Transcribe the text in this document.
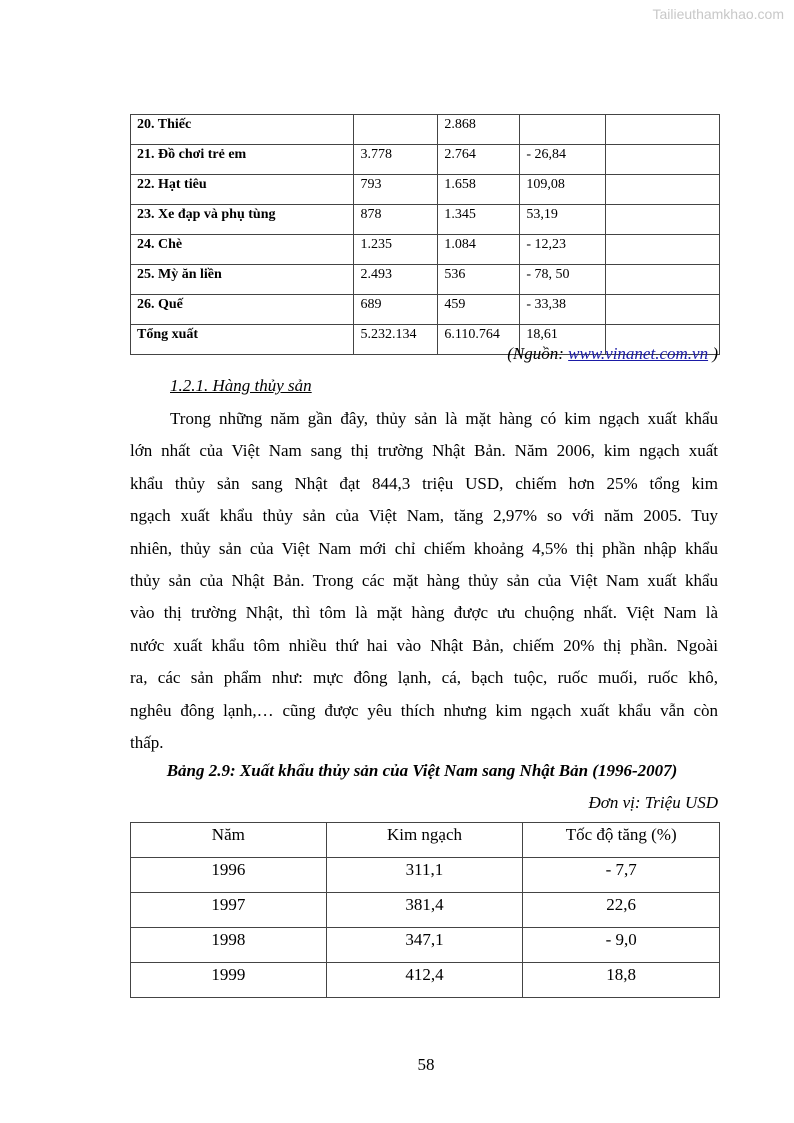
Tailieuthamkhao.com
20. Thiếc		2.868		
21. Đồ chơi trẻ em	3.778	2.764	- 26,84	
22. Hạt tiêu	793	1.658	109,08	
23. Xe đạp và phụ tùng	878	1.345	53,19	
24. Chè	1.235	1.084	- 12,23	
25. Mỳ ăn liền	2.493	536	- 78, 50	
26. Quế	689	459	- 33,38	
Tổng xuất	5.232.134	6.110.764	18,61	
(Nguồn: www.vinanet.com.vn )
1.2.1. Hàng thủy sản
Trong những năm gần đây, thủy sản là mặt hàng có kim ngạch xuất khẩu
lớn nhất của Việt Nam sang thị trường Nhật Bản. Năm 2006, kim ngạch xuất
khẩu thủy sản sang Nhật đạt 844,3 triệu USD, chiếm hơn 25% tổng kim
ngạch xuất khẩu thủy sản của Việt Nam, tăng 2,97% so với năm 2005. Tuy
nhiên, thủy sản của Việt Nam mới chỉ chiếm khoảng 4,5% thị phần nhập khẩu
thủy sản của Nhật Bản. Trong các mặt hàng thủy sản của Việt Nam xuất khẩu
vào thị trường Nhật, thì tôm là mặt hàng được ưu chuộng nhất. Việt Nam là
nước xuất khẩu tôm nhiều thứ hai vào Nhật Bản, chiếm 20% thị phần. Ngoài
ra, các sản phẩm như: mực đông lạnh, cá, bạch tuộc, ruốc muối, ruốc khô,
nghêu đông lạnh,… cũng được yêu thích nhưng kim ngạch xuất khẩu vẫn còn
thấp.
Bảng 2.9: Xuất khẩu thủy sản của Việt Nam sang Nhật Bản (1996-2007)
Đơn vị: Triệu USD
Năm	Kim ngạch	Tốc độ tăng (%)
1996	311,1	- 7,7
1997	381,4	22,6
1998	347,1	- 9,0
1999	412,4	18,8
58
